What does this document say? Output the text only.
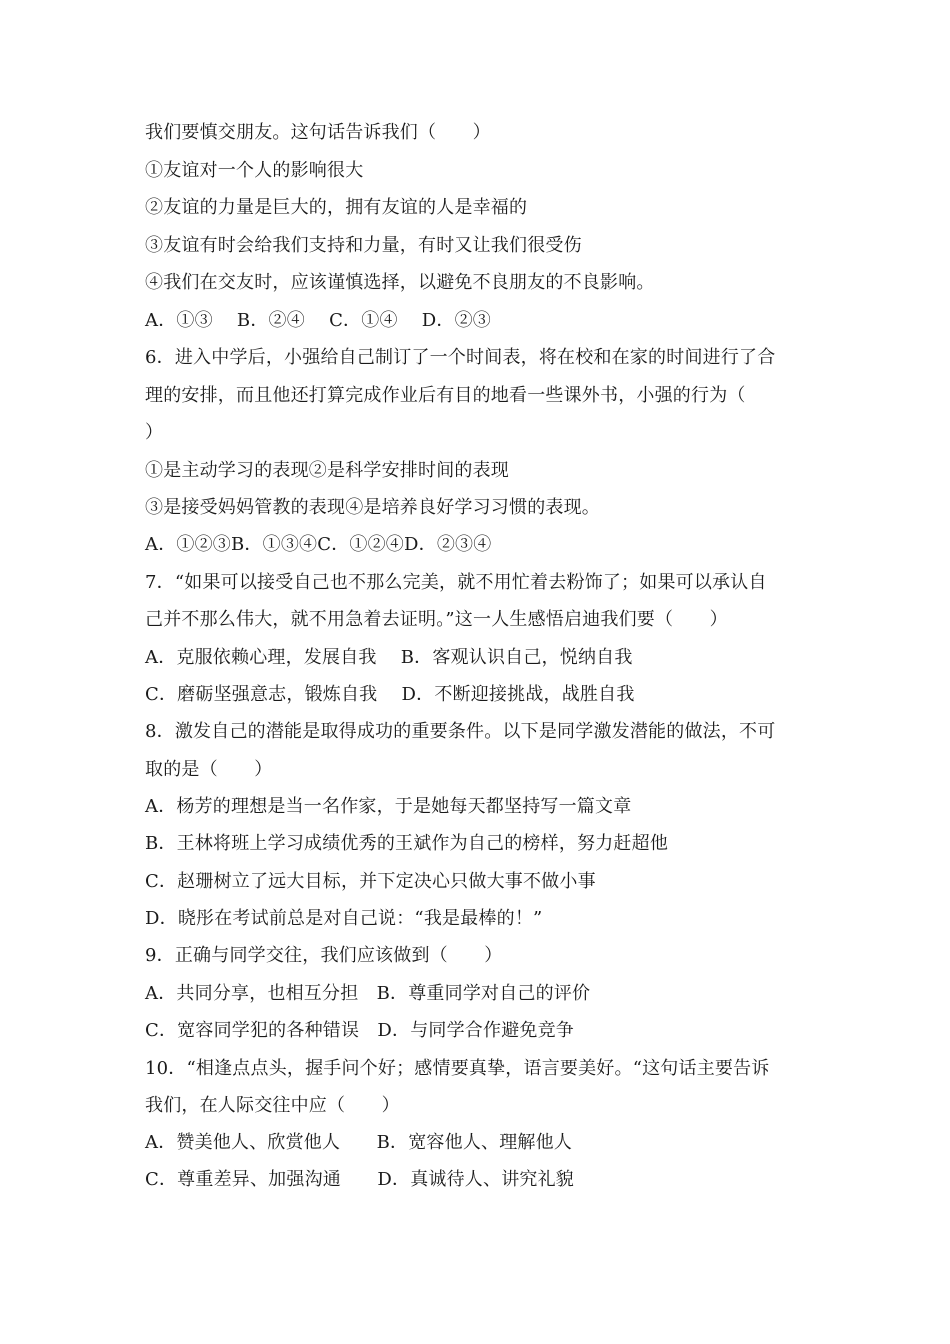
我们要慎交朋友。这句话告诉我们（　　）
①友谊对一个人的影响很大
②友谊的力量是巨大的，拥有友谊的人是幸福的
③友谊有时会给我们支持和力量，有时又让我们很受伤
④我们在交友时，应该谨慎选择，以避免不良朋友的不良影响。
A．①③　 B．②④　 C．①④　 D．②③
6．进入中学后，小强给自己制订了一个时间表，将在校和在家的时间进行了合
理的安排，而且他还打算完成作业后有目的地看一些课外书，小强的行为（
）
①是主动学习的表现②是科学安排时间的表现
③是接受妈妈管教的表现④是培养良好学习习惯的表现。
A．①②③B．①③④C．①②④D．②③④
7．“如果可以接受自己也不那么完美，就不用忙着去粉饰了；如果可以承认自
己并不那么伟大，就不用急着去证明。”这一人生感悟启迪我们要（　　）
A．克服依赖心理，发展自我　 B．客观认识自己，悦纳自我
C．磨砺坚强意志，锻炼自我　 D．不断迎接挑战，战胜自我
8．激发自己的潜能是取得成功的重要条件。以下是同学激发潜能的做法，不可
取的是（　　）
A．杨芳的理想是当一名作家，于是她每天都坚持写一篇文章
B．王林将班上学习成绩优秀的王斌作为自己的榜样，努力赶超他
C．赵珊树立了远大目标，并下定决心只做大事不做小事
D．晓彤在考试前总是对自己说：“我是最棒的！”
9．正确与同学交往，我们应该做到（　　）
A．共同分享，也相互分担　B．尊重同学对自己的评价
C．宽容同学犯的各种错误　D．与同学合作避免竞争
10．“相逢点点头，握手问个好；感情要真挚，语言要美好。“这句话主要告诉
我们，在人际交往中应（　　）
A．赞美他人、欣赏他人　　B．宽容他人、理解他人
C．尊重差异、加强沟通　　D．真诚待人、讲究礼貌
